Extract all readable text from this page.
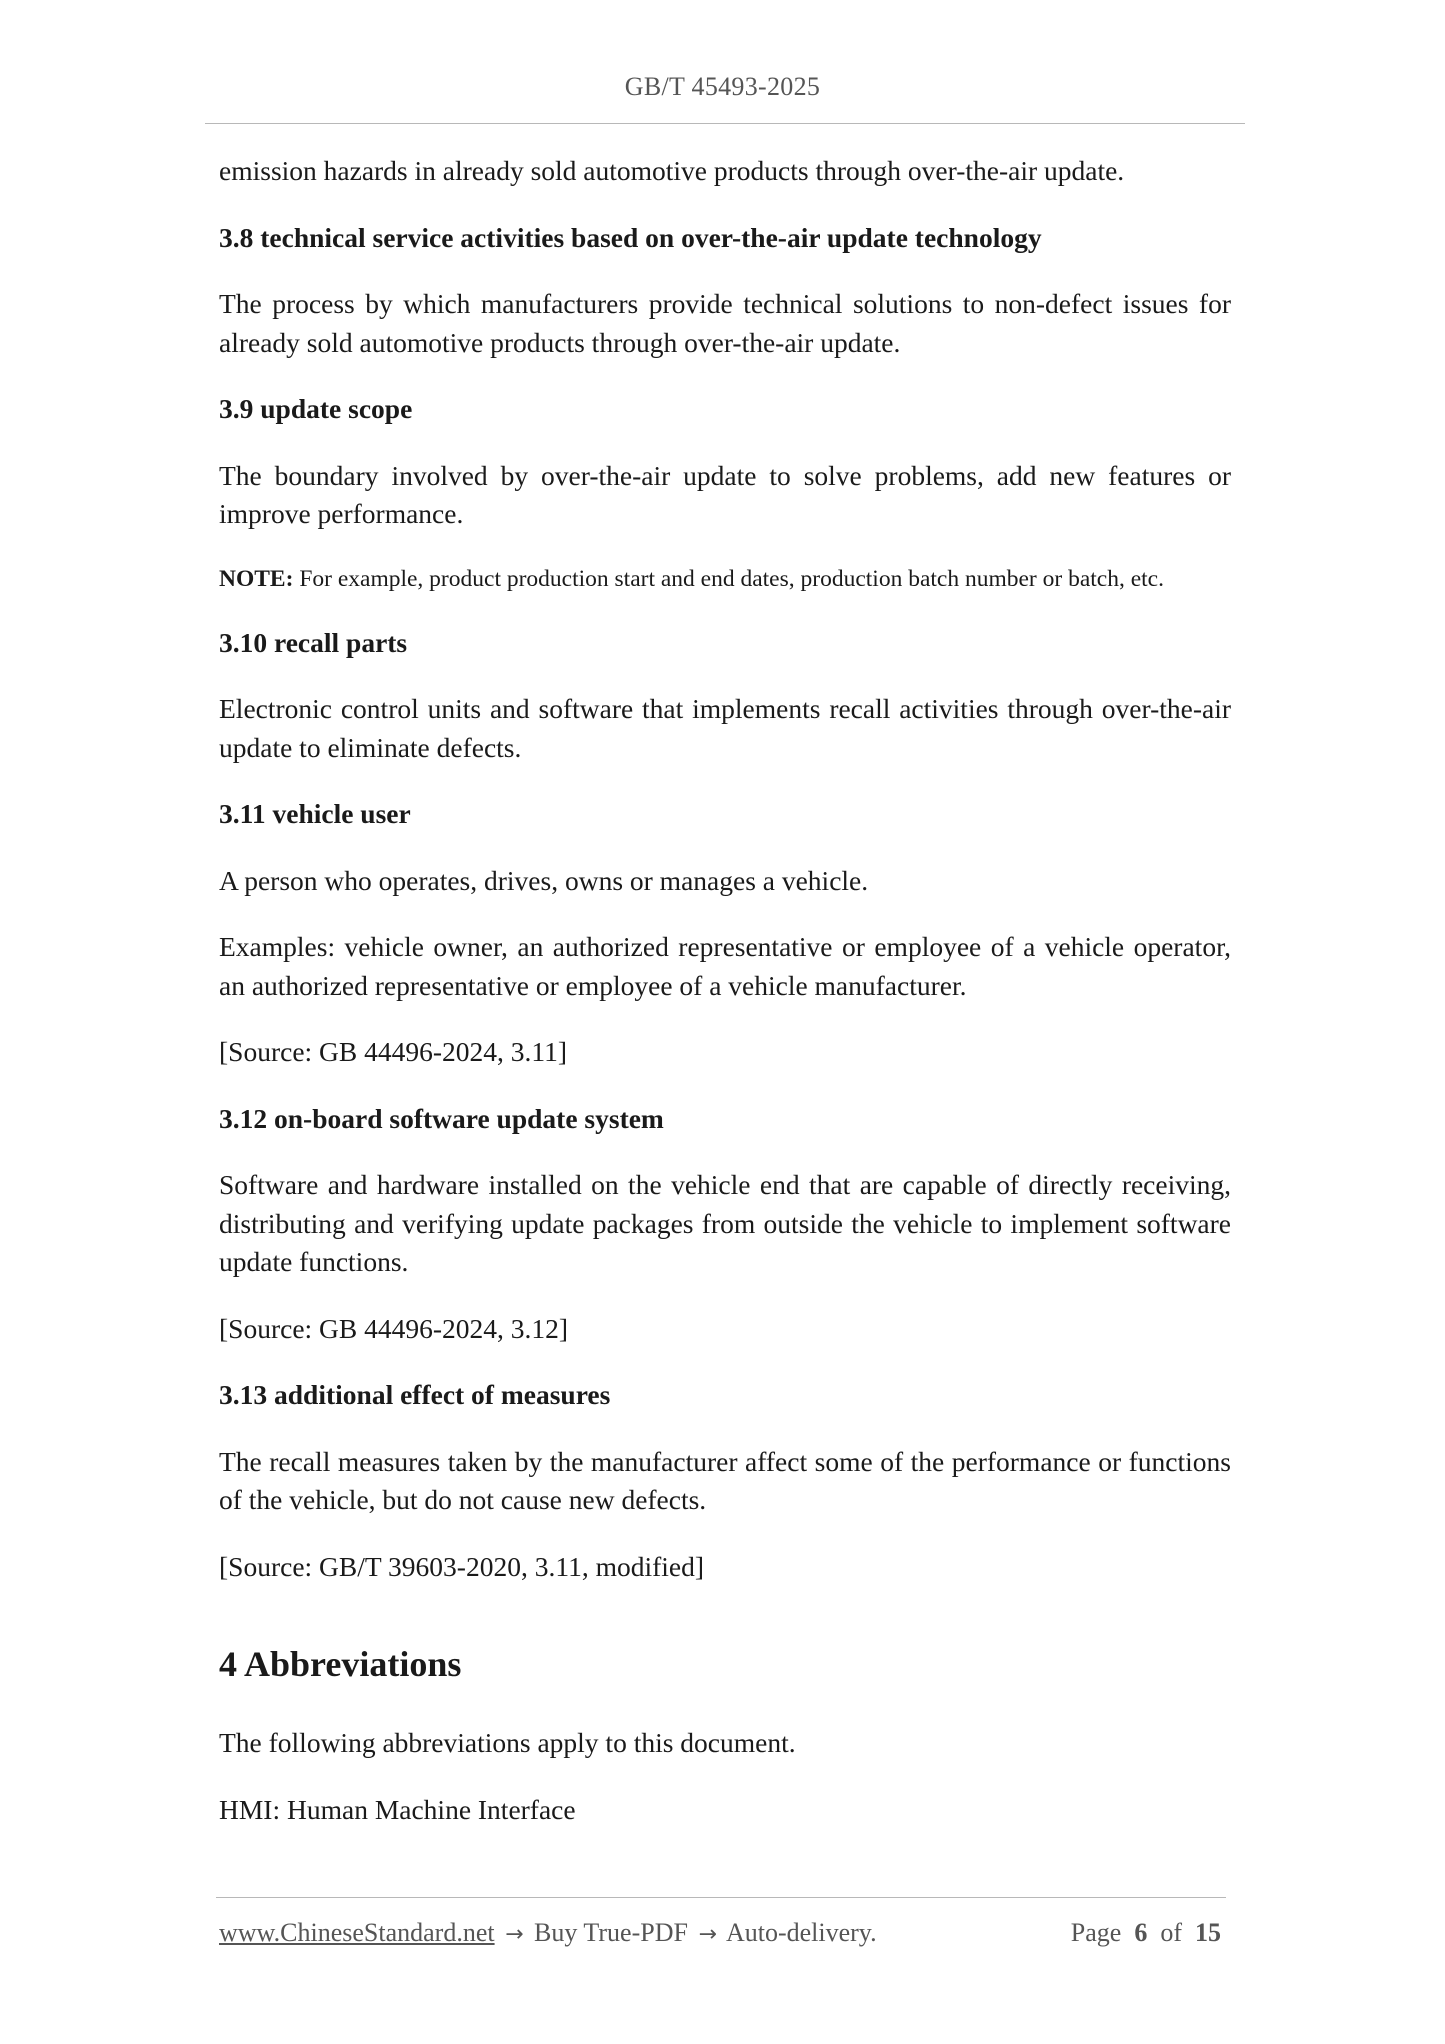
GB/T 45493-2025

emission hazards in already sold automotive products through over-the-air update.

3.8 technical service activities based on over-the-air update technology

The process by which manufacturers provide technical solutions to non-defect issues for already sold automotive products through over-the-air update.

3.9 update scope

The boundary involved by over-the-air update to solve problems, add new features or improve performance.

NOTE: For example, product production start and end dates, production batch number or batch, etc.

3.10 recall parts

Electronic control units and software that implements recall activities through over-the-air update to eliminate defects.

3.11 vehicle user

A person who operates, drives, owns or manages a vehicle.

Examples: vehicle owner, an authorized representative or employee of a vehicle operator, an authorized representative or employee of a vehicle manufacturer.

[Source: GB 44496-2024, 3.11]

3.12 on-board software update system

Software and hardware installed on the vehicle end that are capable of directly receiving, distributing and verifying update packages from outside the vehicle to implement software update functions.

[Source: GB 44496-2024, 3.12]

3.13 additional effect of measures

The recall measures taken by the manufacturer affect some of the performance or functions of the vehicle, but do not cause new defects.

[Source: GB/T 39603-2020, 3.11, modified]

4 Abbreviations

The following abbreviations apply to this document.

HMI: Human Machine Interface

www.ChineseStandard.net → Buy True-PDF → Auto-delivery.	Page 6 of 15
